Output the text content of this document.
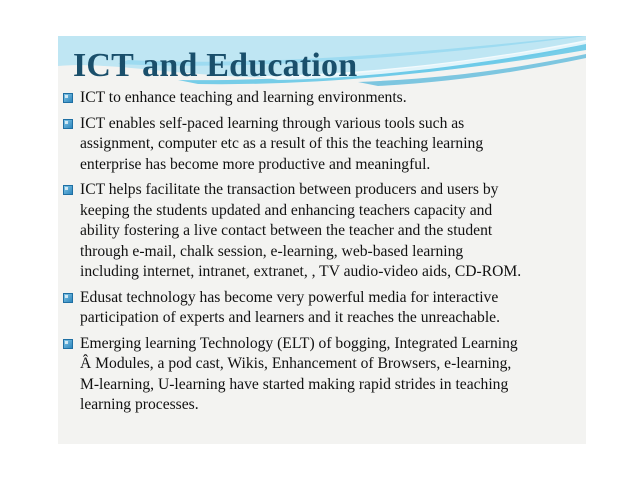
ICT and Education
ICT to enhance teaching and learning environments.
ICT enables self-paced learning through various tools such as
assignment, computer etc as a result of this the teaching learning
enterprise has become more productive and meaningful.
ICT helps facilitate the transaction between producers and users by
keeping the students updated and enhancing teachers capacity and
ability fostering a live contact between the teacher and the student
through e-mail, chalk session, e-learning, web-based learning
including internet, intranet, extranet, , TV audio-video aids, CD-ROM.
Edusat technology has become very powerful media for interactive
participation of experts and learners and it reaches the unreachable.
Emerging learning Technology (ELT) of bogging, Integrated Learning
Â Modules, a pod cast, Wikis, Enhancement of Browsers, e-learning,
M-learning, U-learning have started making rapid strides in teaching
learning processes.
